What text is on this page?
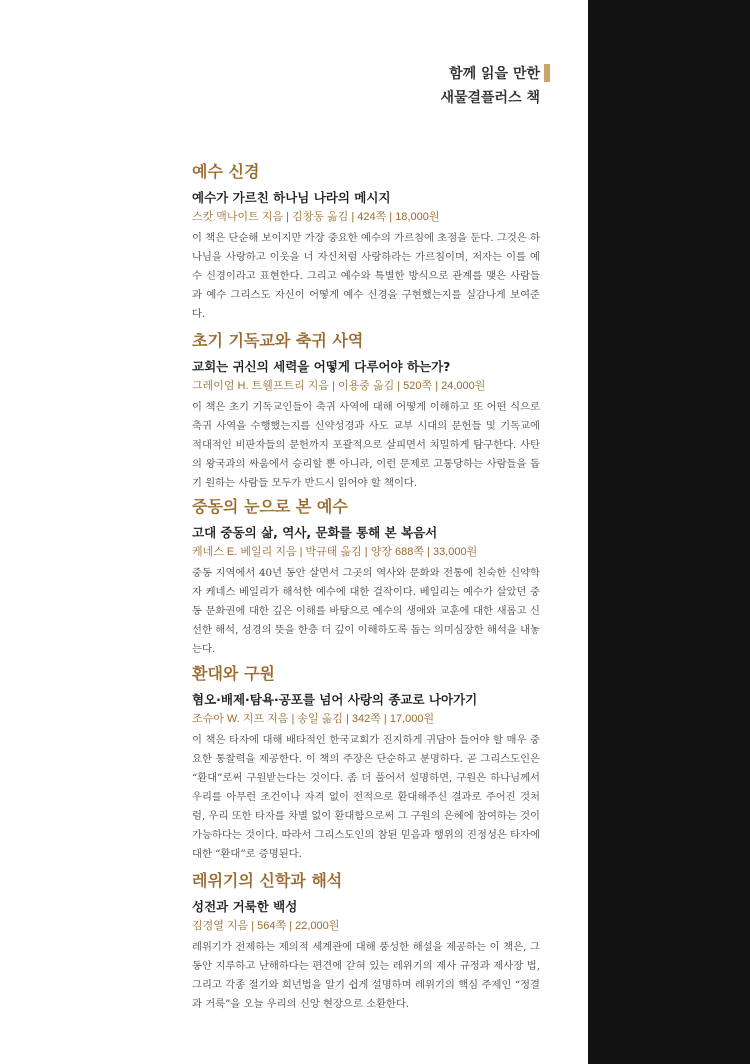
함께 읽을 만한
새물결플러스 책
예수 신경
예수가 가르친 하나님 나라의 메시지
스캇 맥나이트 지음 | 김창동 옮김 | 424쪽 | 18,000원
이 책은 단순해 보이지만 가장 중요한 예수의 가르침에 초점을 둔다. 그것은 하나님을 사랑하고 이웃을 너 자신처럼 사랑하라는 가르침이며, 저자는 이를 예수 신경이라고 표현한다. 그리고 예수와 특별한 방식으로 관계를 맺은 사람들과 예수 그리스도 자신이 어떻게 예수 신경을 구현했는지를 실감나게 보여준다.
초기 기독교와 축귀 사역
교회는 귀신의 세력을 어떻게 다루어야 하는가?
그레이엄 H. 트웰프트리 지음 | 이용중 옮김 | 520쪽 | 24,000원
이 책은 초기 기독교인들이 축귀 사역에 대해 어떻게 이해하고 또 어떤 식으로 축귀 사역을 수행했는지를 신약성경과 사도 교부 시대의 문헌들 및 기독교에 적대적인 비판자들의 문헌까지 포괄적으로 살피면서 치밀하게 탐구한다. 사탄의 왕국과의 싸움에서 승리할 뿐 아니라, 이런 문제로 고통당하는 사람들을 돕기 원하는 사람들 모두가 반드시 읽어야 할 책이다.
중동의 눈으로 본 예수
고대 중동의 삶, 역사, 문화를 통해 본 복음서
케네스 E. 베일리 지음 | 박규태 옮김 | 양장 688쪽 | 33,000원
중동 지역에서 40년 동안 살면서 그곳의 역사와 문화와 전통에 친숙한 신약학자 케네스 베일리가 해석한 예수에 대한 걸작이다. 베일리는 예수가 살았던 중동 문화권에 대한 깊은 이해를 바탕으로 예수의 생애와 교훈에 대한 새롭고 신선한 해석, 성경의 뜻을 한층 더 깊이 이해하도록 돕는 의미심장한 해석을 내놓는다.
환대와 구원
혐오·배제·탐욕·공포를 넘어 사랑의 종교로 나아가기
조슈아 W. 지프 지음 | 송일 옮김 | 342쪽 | 17,000원
이 책은 타자에 대해 배타적인 한국교회가 진지하게 귀담아 들어야 할 매우 중요한 통찰력을 제공한다. 이 책의 주장은 단순하고 분명하다. 곧 그리스도인은 “환대”로써 구원받는다는 것이다. 좀 더 풀어서 설명하면, 구원은 하나님께서 우리를 아무런 조건이나 자격 없이 전적으로 환대해주신 결과로 주어진 것처럼, 우리 또한 타자를 차별 없이 환대함으로써 그 구원의 은혜에 참여하는 것이 가능하다는 것이다. 따라서 그리스도인의 참된 믿음과 행위의 진정성은 타자에 대한 “환대”로 증명된다.
레위기의 신학과 해석
성전과 거룩한 백성
김경열 지음 | 564쪽 | 22,000원
레위기가 전제하는 제의적 세계관에 대해 풍성한 해설을 제공하는 이 책은, 그동안 지루하고 난해하다는 편견에 갇혀 있는 레위기의 제사 규정과 제사장 법, 그리고 각종 절기와 희년법을 알기 쉽게 설명하며 레위기의 핵심 주제인 “정결과 거룩”을 오늘 우리의 신앙 현장으로 소환한다.
